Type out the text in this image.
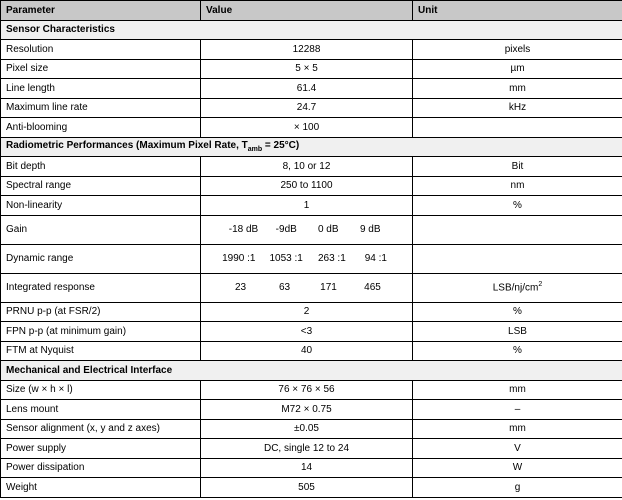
Parameter	Value	Unit
Sensor Characteristics		
Resolution	12288	pixels
Pixel size	5 × 5	µm
Line length	61.4	mm
Maximum line rate	24.7	kHz
Anti-blooming	× 100	
Radiometric Performances (Maximum Pixel Rate, $T_{amb} = 25^\circ C$)		
Bit depth	8, 10 or 12	Bit
Spectral range	250 to 1100	nm
Non-linearity	1	%
Gain	-18 dB -9dB 0 dB 9 dB	

Dynamic range	1990 :1 1053 :1 263 :1 94 :1	

Integrated response	23 63 171 465	LSB/$nj/cm^2$
PRNU p-p (at FSR/2)	2	%
FPN p-p (at minimum gain)	<3	LSB
FTM at Nyquist	40	%
Mechanical and Electrical Interface		
Size (w × h × l)	76 × 76 × 56	mm
Lens mount	M72 × 0.75	–
Sensor alignment (x, y and z axes)	±0.05	mm
Power supply	DC, single 12 to 24	V
Power dissipation	14	W
Weight	505	g
